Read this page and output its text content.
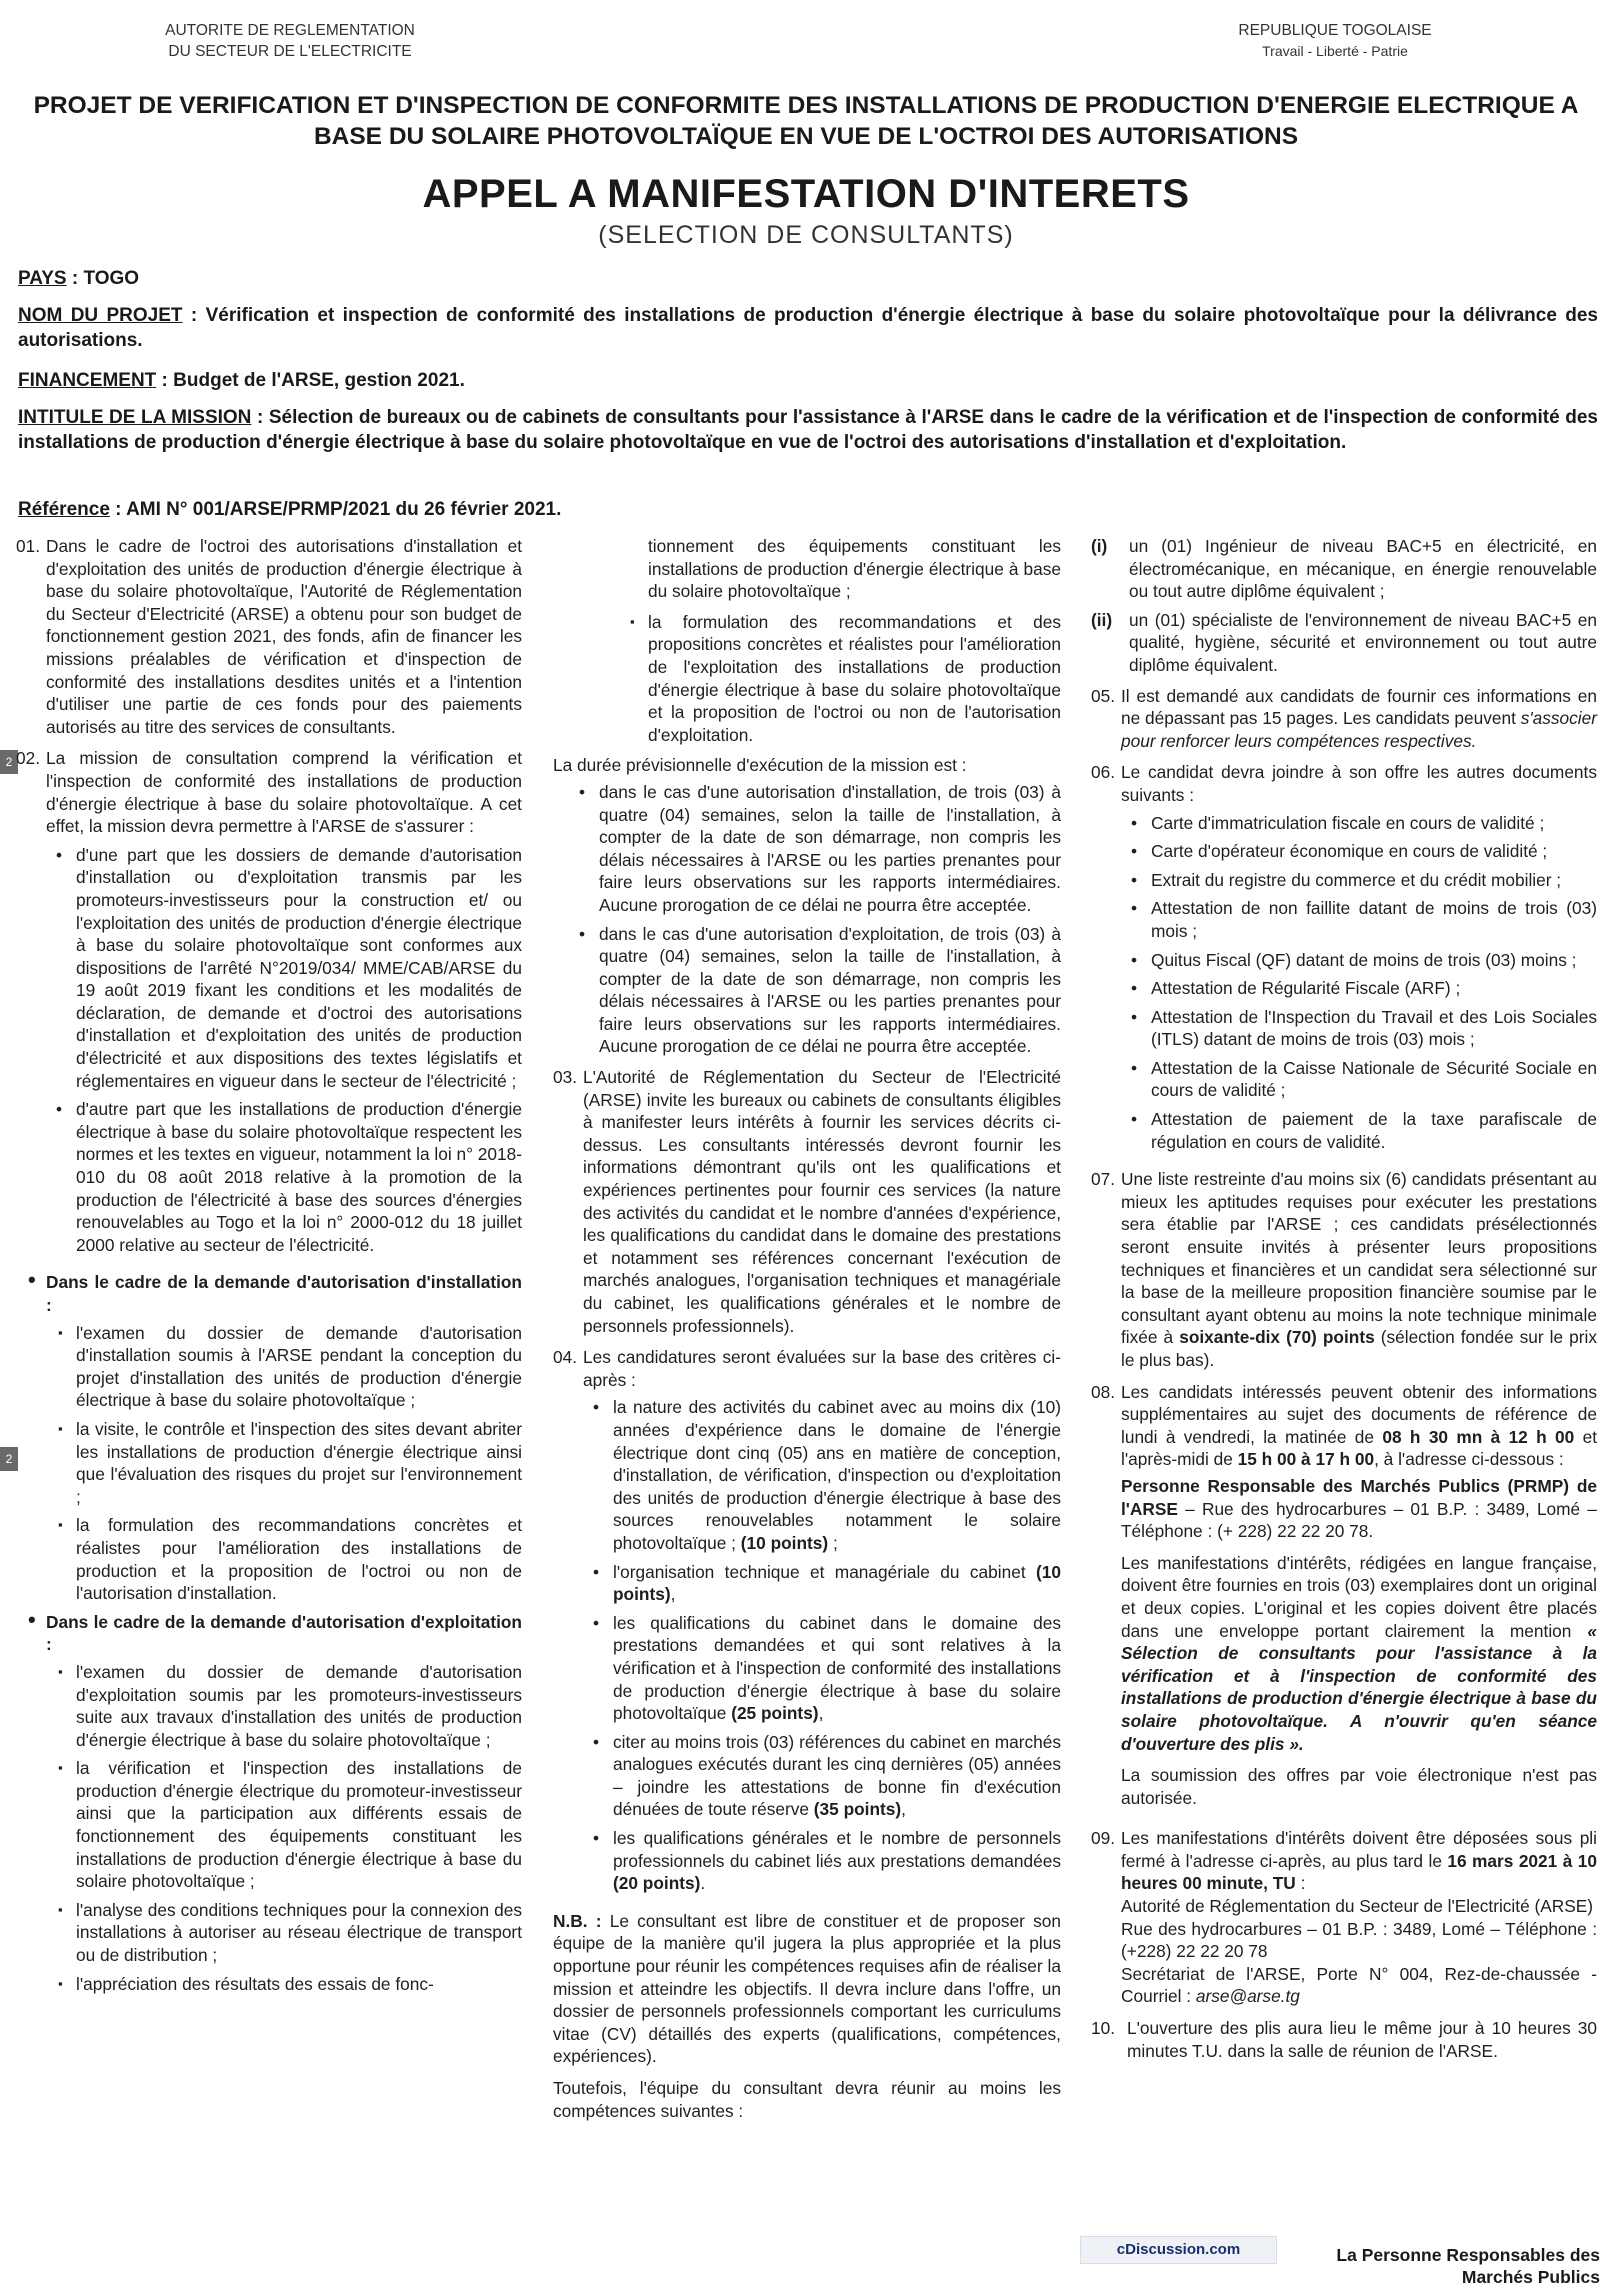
AUTORITE DE REGLEMENTATION
DU SECTEUR DE L'ELECTRICITE
REPUBLIQUE TOGOLAISE
Travail - Liberté - Patrie
PROJET DE VERIFICATION ET D'INSPECTION DE CONFORMITE DES INSTALLATIONS DE PRODUCTION D'ENERGIE ELECTRIQUE A BASE DU SOLAIRE PHOTOVOLTAÏQUE EN VUE DE L'OCTROI DES AUTORISATIONS
APPEL A MANIFESTATION D'INTERETS
(SELECTION DE CONSULTANTS)
PAYS : TOGO
NOM DU PROJET : Vérification et inspection de conformité des installations de production d'énergie électrique à base du solaire photovoltaïque pour la délivrance des autorisations.
FINANCEMENT : Budget de l'ARSE, gestion 2021.
INTITULE DE LA MISSION : Sélection de bureaux ou de cabinets de consultants pour l'assistance à l'ARSE dans le cadre de la vérification et de l'inspection de conformité des installations de production d'énergie électrique à base du solaire photovoltaïque en vue de l'octroi des autorisations d'installation et d'exploitation.
Référence : AMI N° 001/ARSE/PRMP/2021 du 26 février 2021.
2
2
01. Dans le cadre de l'octroi des autorisations d'installation et d'exploitation des unités de production d'énergie électrique à base du solaire photovoltaïque, l'Autorité de Réglementation du Secteur d'Electricité (ARSE) a obtenu pour son budget de fonctionnement gestion 2021, des fonds, afin de financer les missions préalables de vérification et d'inspection de conformité des installations desdites unités et a l'intention d'utiliser une partie de ces fonds pour des paiements autorisés au titre des services de consultants.
02. La mission de consultation comprend la vérification et l'inspection de conformité des installations de production d'énergie électrique à base du solaire photovoltaïque. A cet effet, la mission devra permettre à l'ARSE de s'assurer :
• d'une part que les dossiers de demande d'autorisation d'installation ou d'exploitation transmis par les promoteurs-investisseurs pour la construction et/ ou l'exploitation des unités de production d'énergie électrique à base du solaire photovoltaïque sont conformes aux dispositions de l'arrêté N°2019/034/ MME/CAB/ARSE du 19 août 2019 fixant les conditions et les modalités de déclaration, de demande et d'octroi des autorisations d'installation et d'exploitation des unités de production d'électricité et aux dispositions des textes législatifs et réglementaires en vigueur dans le secteur de l'électricité ;
• d'autre part que les installations de production d'énergie électrique à base du solaire photovoltaïque respectent les normes et les textes en vigueur, notamment la loi n° 2018-010 du 08 août 2018 relative à la promotion de la production de l'électricité à base des sources d'énergies renouvelables au Togo et la loi n° 2000-012 du 18 juillet 2000 relative au secteur de l'électricité.

• Dans le cadre de la demande d'autorisation d'installation :
▪ l'examen du dossier de demande d'autorisation d'installation soumis à l'ARSE pendant la conception du projet d'installation des unités de production d'énergie électrique à base du solaire photovoltaïque ;
▪ la visite, le contrôle et l'inspection des sites devant abriter les installations de production d'énergie électrique ainsi que l'évaluation des risques du projet sur l'environnement ;
▪ la formulation des recommandations concrètes et réalistes pour l'amélioration des installations de production et la proposition de l'octroi ou non de l'autorisation d'installation.
• Dans le cadre de la demande d'autorisation d'exploitation :
▪ l'examen du dossier de demande d'autorisation d'exploitation soumis par les promoteurs-investisseurs suite aux travaux d'installation des unités de production d'énergie électrique à base du solaire photovoltaïque ;
▪ la vérification et l'inspection des installations de production d'énergie électrique du promoteur-investisseur ainsi que la participation aux différents essais de fonctionnement des équipements constituant les installations de production d'énergie électrique à base du solaire photovoltaïque ;
▪ l'analyse des conditions techniques pour la connexion des installations à autoriser au réseau électrique de transport ou de distribution ;
▪ l'appréciation des résultats des essais de fonc-
tionnement des équipements constituant les installations de production d'énergie électrique à base du solaire photovoltaïque ;
▪ la formulation des recommandations et des propositions concrètes et réalistes pour l'amélioration de l'exploitation des installations de production d'énergie électrique à base du solaire photovoltaïque et la proposition de l'octroi ou non de l'autorisation d'exploitation.

La durée prévisionnelle d'exécution de la mission est :

• dans le cas d'une autorisation d'installation, de trois (03) à quatre (04) semaines, selon la taille de l'installation, à compter de la date de son démarrage, non compris les délais nécessaires à l'ARSE ou les parties prenantes pour faire leurs observations sur les rapports intermédiaires. Aucune prorogation de ce délai ne pourra être acceptée.
• dans le cas d'une autorisation d'exploitation, de trois (03) à quatre (04) semaines, selon la taille de l'installation, à compter de la date de son démarrage, non compris les délais nécessaires à l'ARSE ou les parties prenantes pour faire leurs observations sur les rapports intermédiaires. Aucune prorogation de ce délai ne pourra être acceptée.
03. L'Autorité de Réglementation du Secteur de l'Electricité (ARSE) invite les bureaux ou cabinets de consultants éligibles à manifester leurs intérêts à fournir les services décrits ci-dessus. Les consultants intéressés devront fournir les informations démontrant qu'ils ont les qualifications et expériences pertinentes pour fournir ces services (la nature des activités du candidat et le nombre d'années d'expérience, les qualifications du candidat dans le domaine des prestations et notamment ses références concernant l'exécution de marchés analogues, l'organisation techniques et managériale du cabinet, les qualifications générales et le nombre de personnels professionnels).
04. Les candidatures seront évaluées sur la base des critères ci-après :
• la nature des activités du cabinet avec au moins dix (10) années d'expérience dans le domaine de l'énergie électrique dont cinq (05) ans en matière de conception, d'installation, de vérification, d'inspection ou d'exploitation des unités de production d'énergie électrique à base des sources renouvelables notamment le solaire photovoltaïque ; (10 points) ;
• l'organisation technique et managériale du cabinet (10 points),
• les qualifications du cabinet dans le domaine des prestations demandées et qui sont relatives à la vérification et à l'inspection de conformité des installations de production d'énergie électrique à base du solaire photovoltaïque (25 points),
• citer au moins trois (03) références du cabinet en marchés analogues exécutés durant les cinq dernières (05) années – joindre les attestations de bonne fin d'exécution dénuées de toute réserve (35 points),
• les qualifications générales et le nombre de personnels professionnels du cabinet liés aux prestations demandées (20 points).

N.B. : Le consultant est libre de constituer et de proposer son équipe de la manière qu'il jugera la plus appropriée et la plus opportune pour réunir les compétences requises afin de réaliser la mission et atteindre les objectifs. Il devra inclure dans l'offre, un dossier de personnels professionnels comportant les curriculums vitae (CV) détaillés des experts (qualifications, compétences, expériences).

Toutefois, l'équipe du consultant devra réunir au moins les compétences suivantes :

(i) un (01) Ingénieur de niveau BAC+5 en électricité, en électromécanique, en mécanique, en énergie renouvelable ou tout autre diplôme équivalent ;
(ii) un (01) spécialiste de l'environnement de niveau BAC+5 en qualité, hygiène, sécurité et environnement ou tout autre diplôme équivalent.
05. Il est demandé aux candidats de fournir ces informations en ne dépassant pas 15 pages. Les candidats peuvent s'associer pour renforcer leurs compétences respectives.
06. Le candidat devra joindre à son offre les autres documents suivants :
• Carte d'immatriculation fiscale en cours de validité ;
• Carte d'opérateur économique en cours de validité ;
• Extrait du registre du commerce et du crédit mobilier ;
• Attestation de non faillite datant de moins de trois (03) mois ;
• Quitus Fiscal (QF) datant de moins de trois (03) moins ;
• Attestation de Régularité Fiscale (ARF) ;
• Attestation de l'Inspection du Travail et des Lois Sociales (ITLS) datant de moins de trois (03) mois ;
• Attestation de la Caisse Nationale de Sécurité Sociale en cours de validité ;
• Attestation de paiement de la taxe parafiscale de régulation en cours de validité.
07. Une liste restreinte d'au moins six (6) candidats présentant au mieux les aptitudes requises pour exécuter les prestations sera établie par l'ARSE ; ces candidats présélectionnés seront ensuite invités à présenter leurs propositions techniques et financières et un candidat sera sélectionné sur la base de la meilleure proposition financière soumise par le consultant ayant obtenu au moins la note technique minimale fixée à soixante-dix (70) points (sélection fondée sur le prix le plus bas).
08. Les candidats intéressés peuvent obtenir des informations supplémentaires au sujet des documents de référence de lundi à vendredi, la matinée de 08 h 30 mn à 12 h 00 et l'après-midi de 15 h 00 à 17 h 00, à l'adresse ci-dessous :

Personne Responsable des Marchés Publics (PRMP) de l'ARSE – Rue des hydrocarbures – 01 B.P. : 3489, Lomé – Téléphone : (+ 228) 22 22 20 78.

Les manifestations d'intérêts, rédigées en langue française, doivent être fournies en trois (03) exemplaires dont un original et deux copies. L'original et les copies doivent être placés dans une enveloppe portant clairement la mention « Sélection de consultants pour l'assistance à la vérification et à l'inspection de conformité des installations de production d'énergie électrique à base du solaire photovoltaïque. A n'ouvrir qu'en séance d'ouverture des plis ».

La soumission des offres par voie électronique n'est pas autorisée.

09. Les manifestations d'intérêts doivent être déposées sous pli fermé à l'adresse ci-après, au plus tard le 16 mars 2021 à 10 heures 00 minute, TU :
Autorité de Réglementation du Secteur de l'Electricité (ARSE)
Rue des hydrocarbures – 01 B.P. : 3489, Lomé – Téléphone : (+228) 22 22 20 78
Secrétariat de l'ARSE, Porte N° 004, Rez-de-chaussée - Courriel : arse@arse.tg
10. L'ouverture des plis aura lieu le même jour à 10 heures 30 minutes T.U. dans la salle de réunion de l'ARSE.
cDiscussion.com	La Personne Responsables des
Marchés Publics
